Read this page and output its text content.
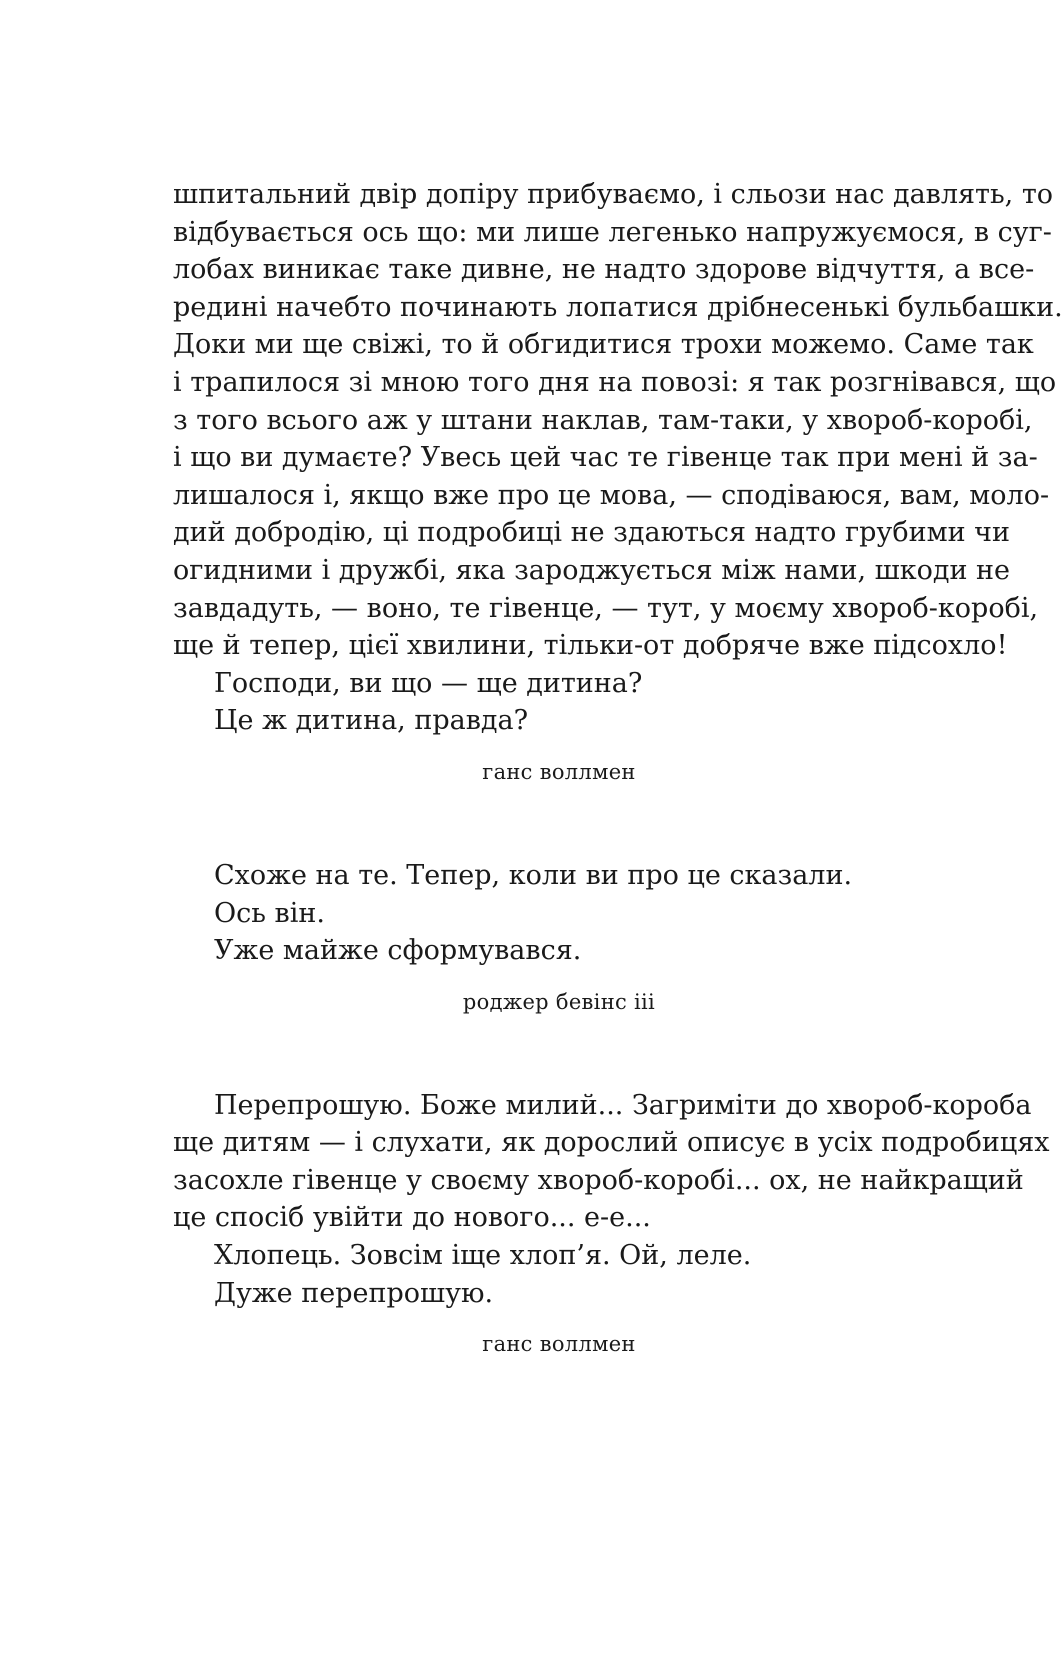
шпитальний двір допіру прибуваємо, і сльози нас давлять, то
відбувається ось що: ми лише легенько напружуємося, в суг-
лобах виникає таке дивне, не надто здорове відчуття, а все-
редині начебто починають лопатися дрібнесенькі бульбашки.
Доки ми ще свіжі, то й обгидитися трохи можемо. Саме так
і трапилося зі мною того дня на повозі: я так розгнівався, що
з того всього аж у штани наклав, там-таки, у хвороб-коробі,
і що ви думаєте? Увесь цей час те гівенце так при мені й за-
лишалося і, якщо вже про це мова, — сподіваюся, вам, моло-
дий добродію, ці подробиці не здаються надто грубими чи
огидними і дружбі, яка зароджується між нами, шкоди не
завдадуть, — воно, те гівенце, — тут, у моєму хвороб-коробі,
ще й тепер, цієї хвилини, тільки-от добряче вже підсохло!
Господи, ви що — ще дитина?
Це ж дитина, правда?
ганс воллмен
Схоже на те. Тепер, коли ви про це сказали.
Ось він.
Уже майже сформувався.
роджер бевінс ііі
Перепрошую. Боже милий... Загриміти до хвороб-короба
ще дитям — і слухати, як дорослий описує в усіх подробицях
засохле гівенце у своєму хвороб-коробі... ох, не найкращий
це спосіб увійти до нового... е-е...
Хлопець. Зовсім іще хлоп’я. Ой, леле.
Дуже перепрошую.
ганс воллмен
